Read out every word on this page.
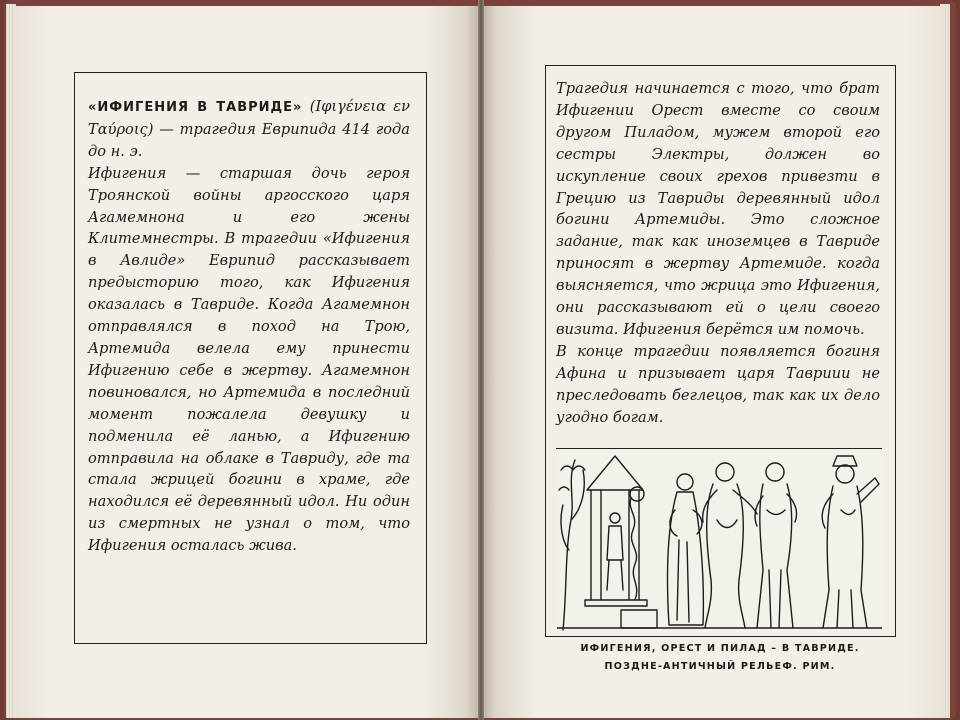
«ИФИГЕНИЯ В ТАВРИДЕ» (Ιφιγένεια εν Ταύροις) — трагедия Еврипида 414 года до н. э.

Ифигения — старшая дочь героя Троянской войны аргосского царя Агамемнона и его жены Клитемнестры. В трагедии «Ифигения в Авлиде» Еврипид рассказывает предысторию того, как Ифигения оказалась в Тавриде. Когда Агамемнон отправлялся в поход на Трою, Артемида велела ему принести Ифигению себе в жертву. Агамемнон повиновался, но Артемида в последний момент пожалела девушку и подменила её ланью, а Ифигению отправила на облаке в Тавриду, где та стала жрицей богини в храме, где находился её деревянный идол. Ни один из смертных не узнал о том, что Ифигения осталась жива.

Трагедия начинается с того, что брат Ифигении Орест вместе со своим другом Пиладом, мужем второй его сестры Электры, должен во искупление своих грехов привезти в Грецию из Тавриды деревянный идол богини Артемиды. Это сложное задание, так как иноземцев в Тавриде приносят в жертву Артемиде. когда выясняется, что жрица это Ифигения, они рассказывают ей о цели своего визита. Ифигения берётся им помочь.

В конце трагедии появляется богиня Афина и призывает царя Тавриии не преследовать беглецов, так как их дело угодно богам.

ИФИГЕНИЯ, ОРЕСТ И ПИЛАД – В ТАВРИДЕ.
ПОЗДНЕ-АНТИЧНЫЙ РЕЛЬЕФ. РИМ.
